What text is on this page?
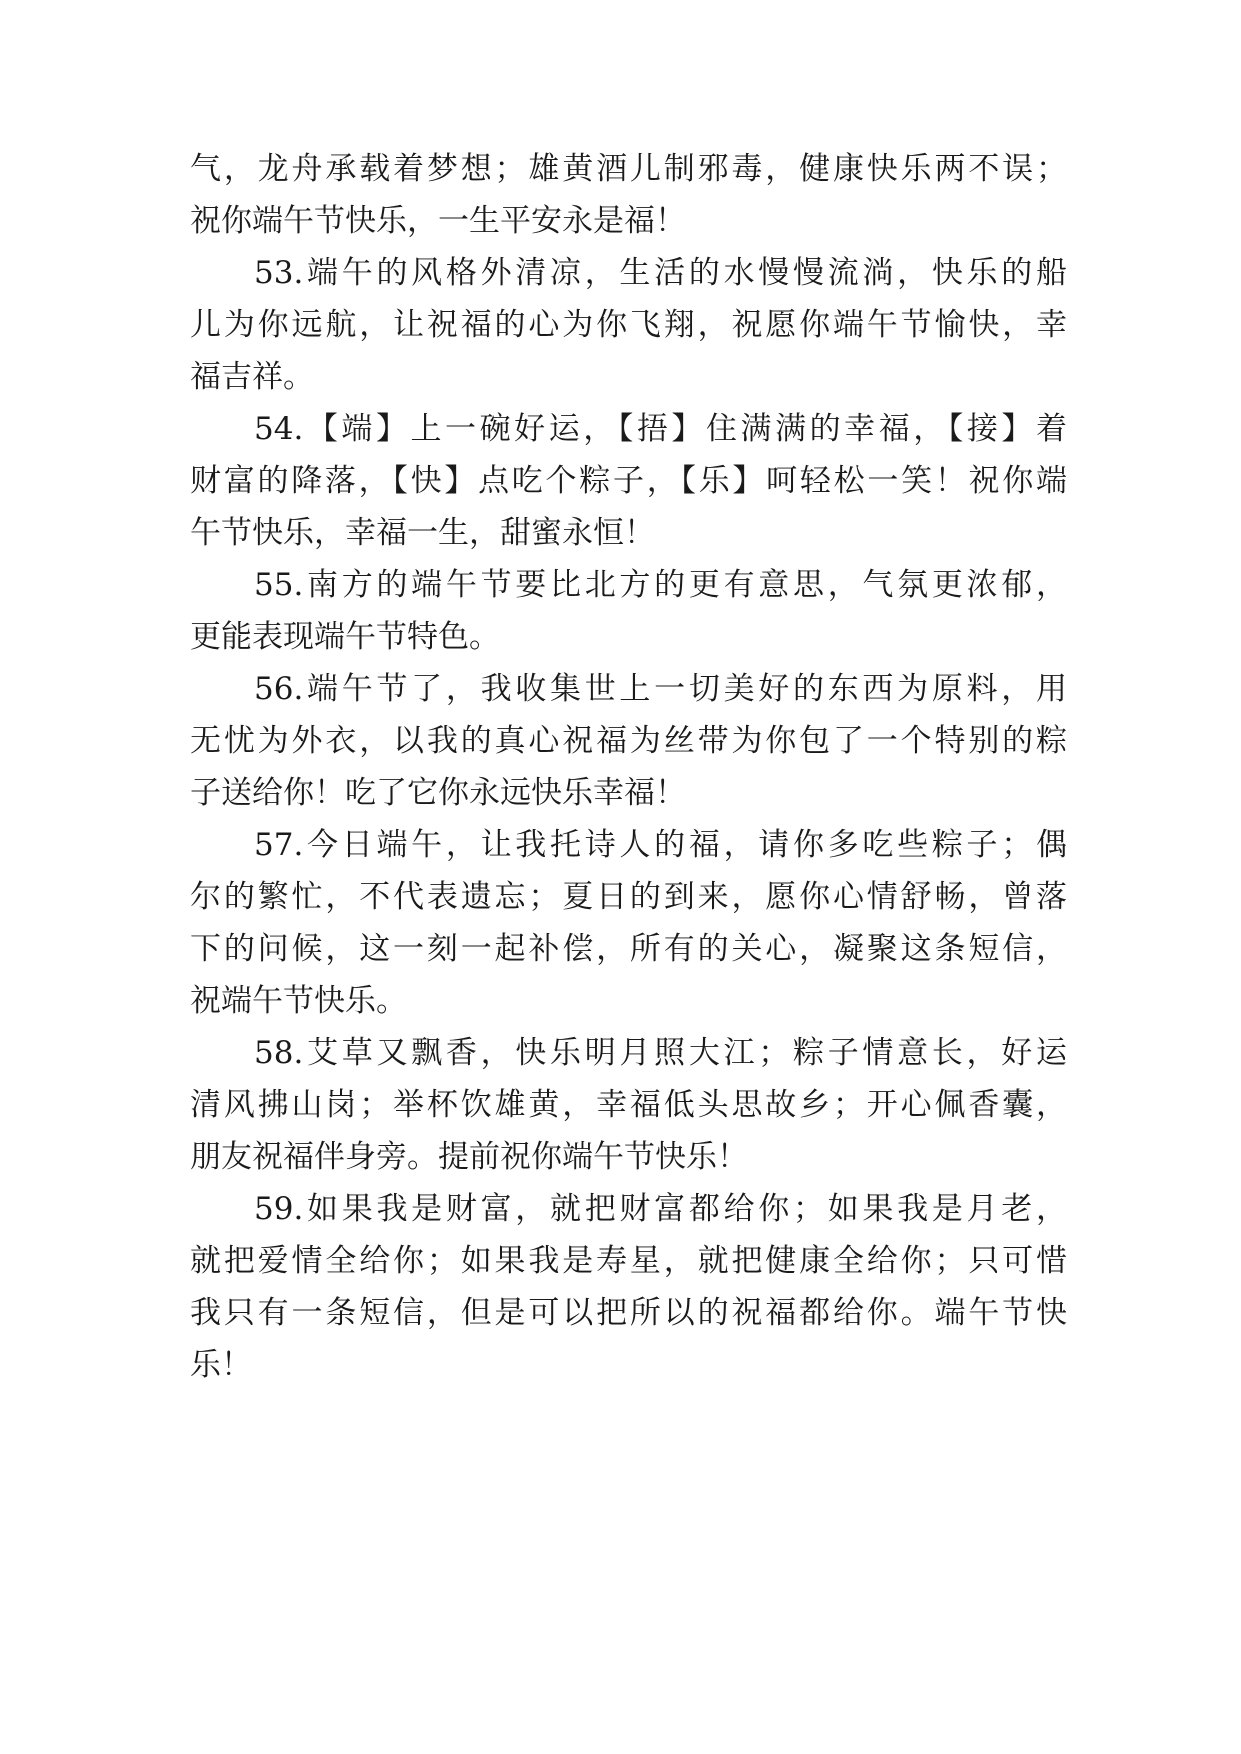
气，龙舟承载着梦想；雄黄酒儿制邪毒，健康快乐两不误；
祝你端午节快乐，一生平安永是福！
53.端午的风格外清凉，生活的水慢慢流淌，快乐的船
儿为你远航，让祝福的心为你飞翔，祝愿你端午节愉快，幸
福吉祥。
54.【端】上一碗好运，【捂】住满满的幸福，【接】着
财富的降落，【快】点吃个粽子，【乐】呵轻松一笑！祝你端
午节快乐，幸福一生，甜蜜永恒！
55.南方的端午节要比北方的更有意思，气氛更浓郁，
更能表现端午节特色。
56.端午节了，我收集世上一切美好的东西为原料，用
无忧为外衣，以我的真心祝福为丝带为你包了一个特别的粽
子送给你！吃了它你永远快乐幸福！
57.今日端午，让我托诗人的福，请你多吃些粽子；偶
尔的繁忙，不代表遗忘；夏日的到来，愿你心情舒畅，曾落
下的问候，这一刻一起补偿，所有的关心，凝聚这条短信，
祝端午节快乐。
58.艾草又飘香，快乐明月照大江；粽子情意长，好运
清风拂山岗；举杯饮雄黄，幸福低头思故乡；开心佩香囊，
朋友祝福伴身旁。提前祝你端午节快乐！
59.如果我是财富，就把财富都给你；如果我是月老，
就把爱情全给你；如果我是寿星，就把健康全给你；只可惜
我只有一条短信，但是可以把所以的祝福都给你。端午节快
乐！
